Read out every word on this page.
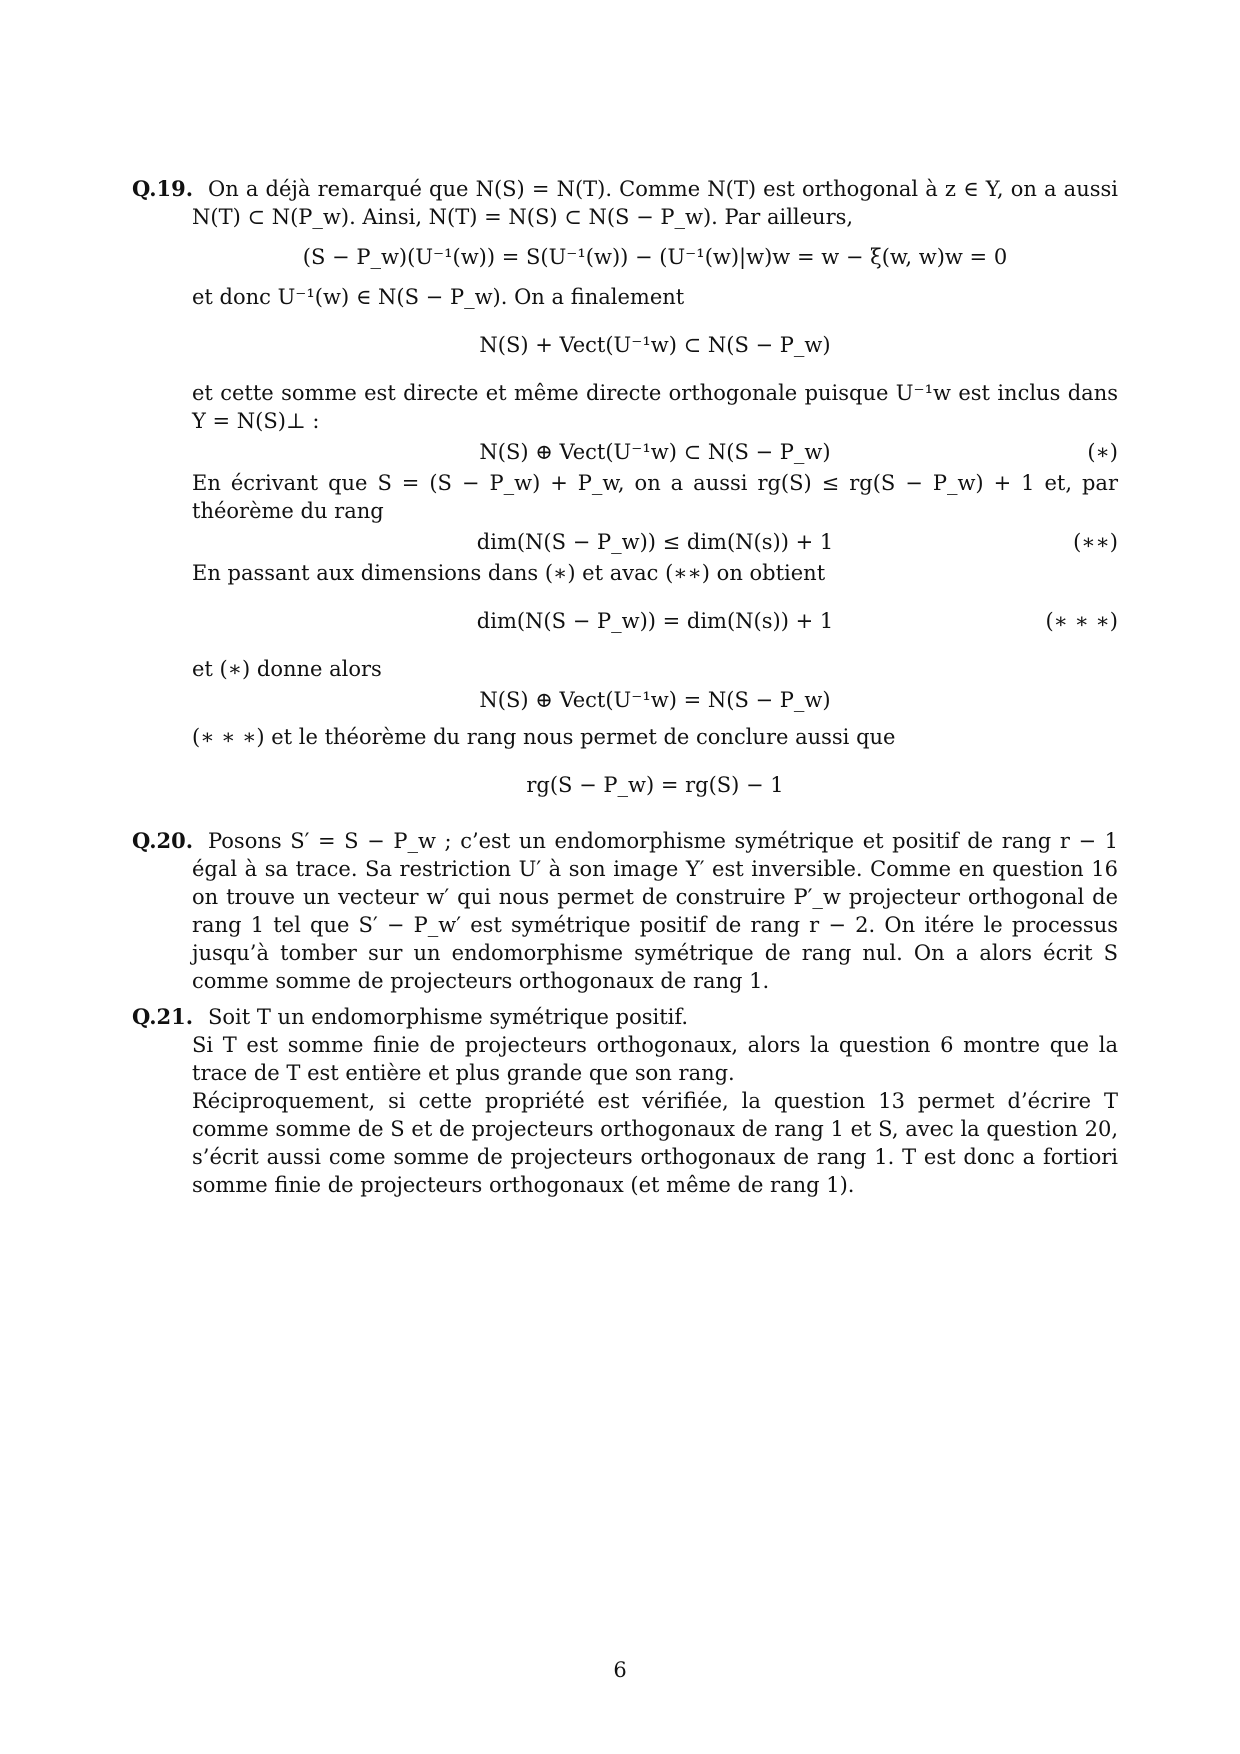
Q.19. On a déjà remarqué que N(S) = N(T). Comme N(T) est orthogonal à z ∈ Y, on a aussi N(T) ⊂ N(P_w). Ainsi, N(T) = N(S) ⊂ N(S − P_w). Par ailleurs,

(S − P_w)(U⁻¹(w)) = S(U⁻¹(w)) − (U⁻¹(w)|w)w = w − ξ(w, w)w = 0

et donc U⁻¹(w) ∈ N(S − P_w). On a finalement

N(S) + Vect(U⁻¹w) ⊂ N(S − P_w)

et cette somme est directe et même directe orthogonale puisque U⁻¹w est inclus dans Y = N(S)⊥ :

N(S) ⊕ Vect(U⁻¹w) ⊂ N(S − P_w)	(∗)

En écrivant que S = (S − P_w) + P_w, on a aussi rg(S) ≤ rg(S − P_w) + 1 et, par théorème du rang

dim(N(S − P_w)) ≤ dim(N(s)) + 1	(∗∗)

En passant aux dimensions dans (∗) et avac (∗∗) on obtient

dim(N(S − P_w)) = dim(N(s)) + 1	(∗ ∗ ∗)

et (∗) donne alors

N(S) ⊕ Vect(U⁻¹w) = N(S − P_w)

(∗ ∗ ∗) et le théorème du rang nous permet de conclure aussi que

rg(S − P_w) = rg(S) − 1
Q.20. Posons S′ = S − P_w ; c’est un endomorphisme symétrique et positif de rang r − 1 égal à sa trace. Sa restriction U′ à son image Y′ est inversible. Comme en question 16 on trouve un vecteur w′ qui nous permet de construire P′_w projecteur orthogonal de rang 1 tel que S′ − P_w′ est symétrique positif de rang r − 2. On itére le processus jusqu’à tomber sur un endomorphisme symétrique de rang nul. On a alors écrit S comme somme de projecteurs orthogonaux de rang 1.

Q.21. Soit T un endomorphisme symétrique positif.

Si T est somme finie de projecteurs orthogonaux, alors la question 6 montre que la trace de T est entière et plus grande que son rang.

Réciproquement, si cette propriété est vérifiée, la question 13 permet d’écrire T comme somme de S et de projecteurs orthogonaux de rang 1 et S, avec la question 20, s’écrit aussi come somme de projecteurs orthogonaux de rang 1. T est donc a fortiori somme finie de projecteurs orthogonaux (et même de rang 1).

6
